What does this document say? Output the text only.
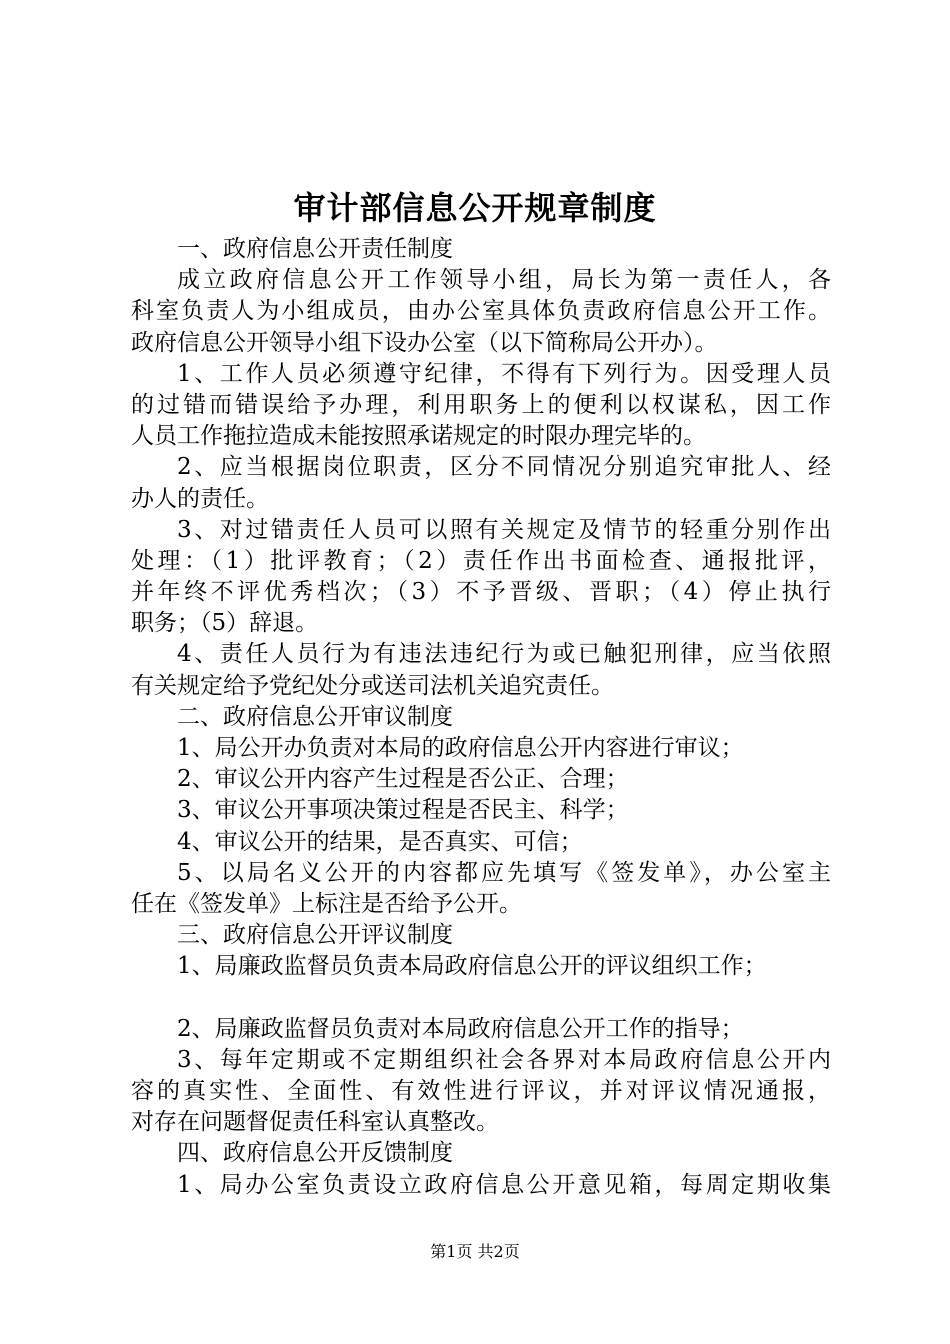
审计部信息公开规章制度
一、政府信息公开责任制度
成立政府信息公开工作领导小组，局长为第一责任人，各
科室负责人为小组成员，由办公室具体负责政府信息公开工作。
政府信息公开领导小组下设办公室（以下简称局公开办）。
1、工作人员必须遵守纪律，不得有下列行为。因受理人员
的过错而错误给予办理，利用职务上的便利以权谋私，因工作
人员工作拖拉造成未能按照承诺规定的时限办理完毕的。
2、应当根据岗位职责，区分不同情况分别追究审批人、经
办人的责任。
3、对过错责任人员可以照有关规定及情节的轻重分别作出
处理：（1）批评教育；（2）责任作出书面检查、通报批评，
并年终不评优秀档次；（3）不予晋级、晋职；（4）停止执行
职务；（5）辞退。
4、责任人员行为有违法违纪行为或已触犯刑律，应当依照
有关规定给予党纪处分或送司法机关追究责任。
二、政府信息公开审议制度
1、局公开办负责对本局的政府信息公开内容进行审议；
2、审议公开内容产生过程是否公正、合理；
3、审议公开事项决策过程是否民主、科学；
4、审议公开的结果，是否真实、可信；
5、以局名义公开的内容都应先填写《签发单》，办公室主
任在《签发单》上标注是否给予公开。
三、政府信息公开评议制度
1、局廉政监督员负责本局政府信息公开的评议组织工作；
2、局廉政监督员负责对本局政府信息公开工作的指导；
3、每年定期或不定期组织社会各界对本局政府信息公开内
容的真实性、全面性、有效性进行评议，并对评议情况通报，
对存在问题督促责任科室认真整改。
四、政府信息公开反馈制度
1、局办公室负责设立政府信息公开意见箱，每周定期收集
第1页 共2页
